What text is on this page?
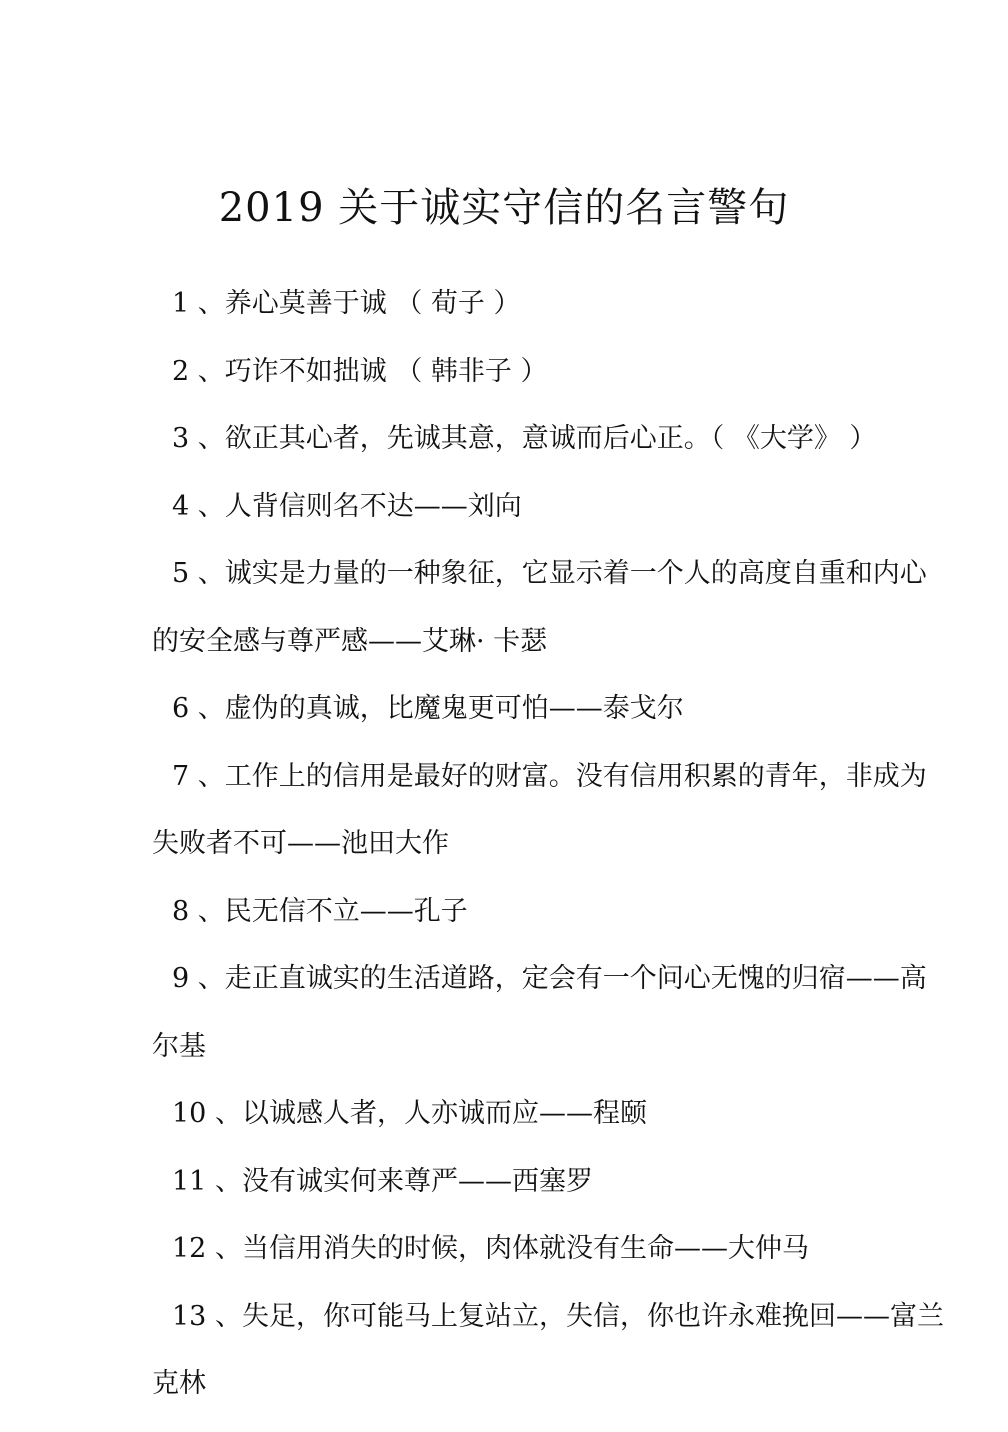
2019 关于诚实守信的名言警句
1 、养心莫善于诚 （ 荀子 ）
2 、巧诈不如拙诚 （ 韩非子 ）
3 、欲正其心者，先诚其意，意诚而后心正。（ 《大学》 ）
4 、人背信则名不达——刘向
5 、诚实是力量的一种象征，它显示着一个人的高度自重和内心
的安全感与尊严感——艾琳· 卡瑟
6 、虚伪的真诚，比魔鬼更可怕——泰戈尔
7 、工作上的信用是最好的财富。没有信用积累的青年，非成为
失败者不可——池田大作
8 、民无信不立——孔子
9 、走正直诚实的生活道路，定会有一个问心无愧的归宿——高
尔基
10 、以诚感人者，人亦诚而应——程颐
11 、没有诚实何来尊严——西塞罗
12 、当信用消失的时候，肉体就没有生命——大仲马
13 、失足，你可能马上复站立，失信，你也许永难挽回——富兰
克林
